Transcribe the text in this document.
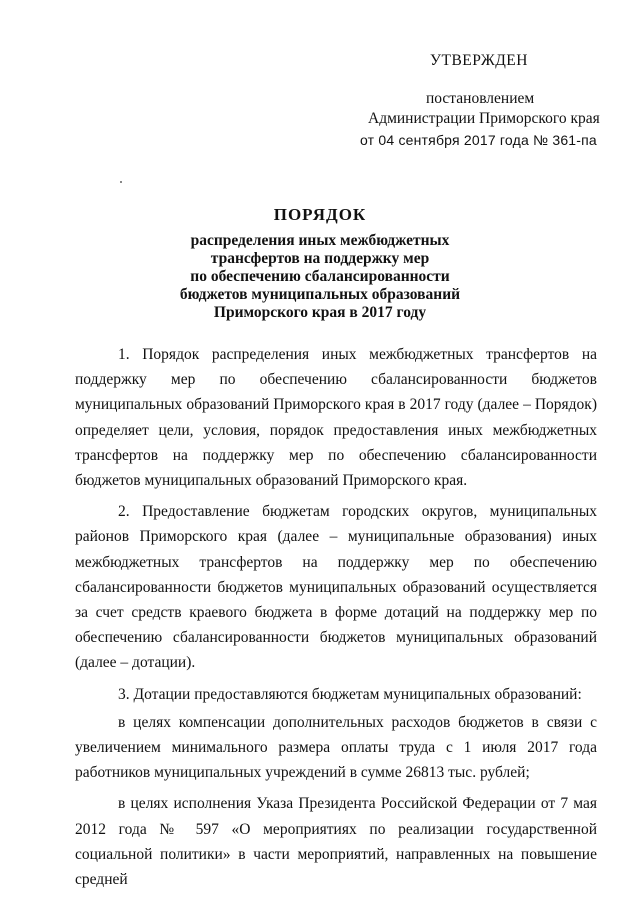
УТВЕРЖДЕН
постановлением
Администрации Приморского края
от 04 сентября 2017 года № 361-па
ПОРЯДОК
распределения иных межбюджетных
трансфертов на поддержку мер
по обеспечению сбалансированности
бюджетов муниципальных образований
Приморского края в 2017 году

1. Порядок распределения иных межбюджетных трансфертов на поддержку мер по обеспечению сбалансированности бюджетов муниципальных образований Приморского края в 2017 году (далее – Порядок) определяет цели, условия, порядок предоставления иных межбюджетных трансфертов на поддержку мер по обеспечению сбалансированности бюджетов муниципальных образований Приморского края.

2. Предоставление бюджетам городских округов, муниципальных районов Приморского края (далее – муниципальные образования) иных межбюджетных трансфертов на поддержку мер по обеспечению сбалансированности бюджетов муниципальных образований осуществляется за счет средств краевого бюджета в форме дотаций на поддержку мер по обеспечению сбалансированности бюджетов муниципальных образований (далее – дотации).

3. Дотации предоставляются бюджетам муниципальных образований:

в целях компенсации дополнительных расходов бюджетов в связи с увеличением минимального размера оплаты труда с 1 июля 2017 года работников муниципальных учреждений в сумме 26813 тыс. рублей;

в целях исполнения Указа Президента Российской Федерации от 7 мая 2012 года № 597 «О мероприятиях по реализации государственной социальной политики» в части мероприятий, направленных на повышение средней
